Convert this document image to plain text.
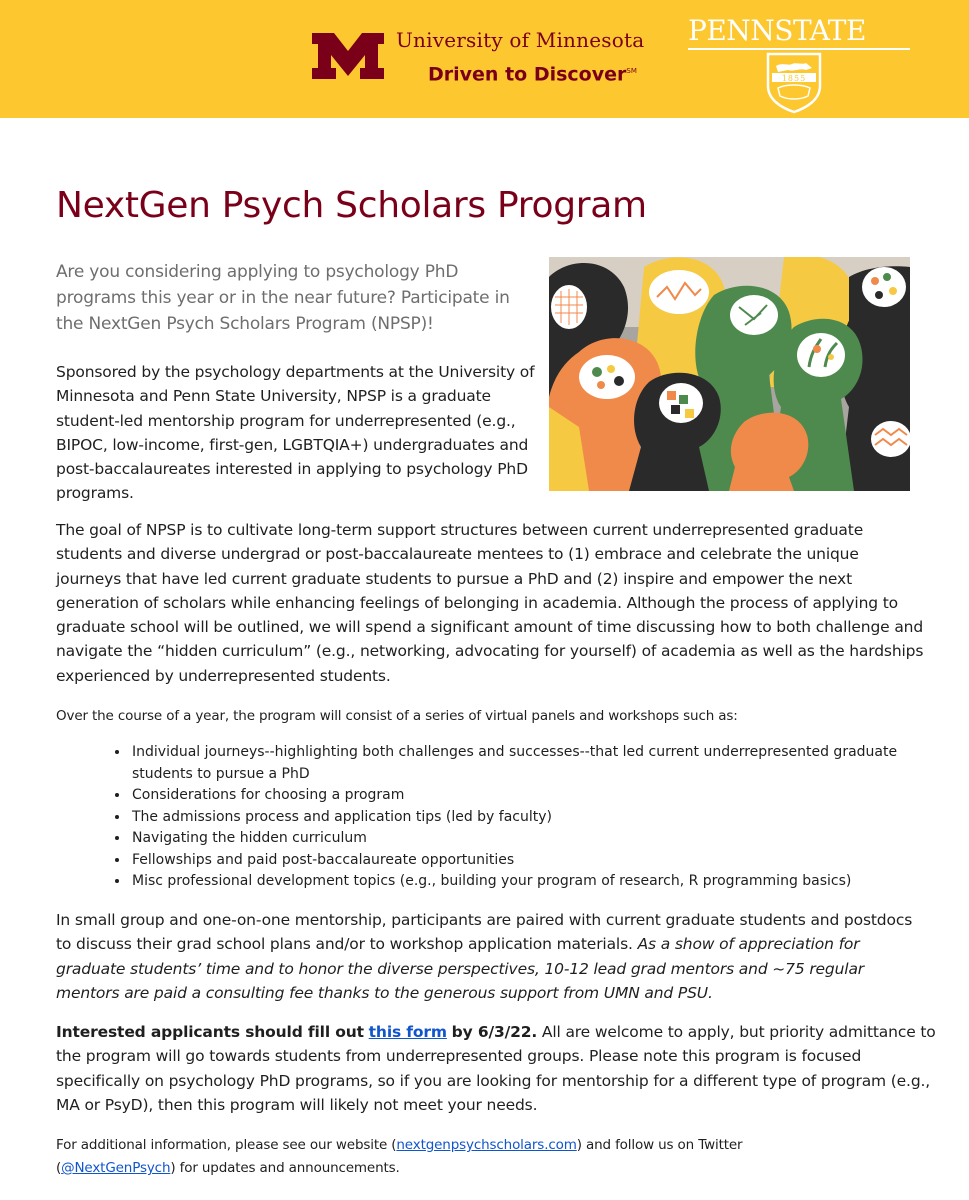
University of Minnesota
Driven to Discover℠
PENNSTATE
1855
NextGen Psych Scholars Program

Are you considering applying to psychology PhD programs this year or in the near future? Participate in the NextGen Psych Scholars Program (NPSP)!

Sponsored by the psychology departments at the University of Minnesota and Penn State University, NPSP is a graduate student-led mentorship program for underrepresented (e.g., BIPOC, low-income, first-gen, LGBTQIA+) undergraduates and post-baccalaureates interested in applying to psychology PhD programs.

The goal of NPSP is to cultivate long-term support structures between current underrepresented graduate students and diverse undergrad or post-baccalaureate mentees to (1) embrace and celebrate the unique journeys that have led current graduate students to pursue a PhD and (2) inspire and empower the next generation of scholars while enhancing feelings of belonging in academia. Although the process of applying to graduate school will be outlined, we will spend a significant amount of time discussing how to both challenge and navigate the “hidden curriculum” (e.g., networking, advocating for yourself) of academia as well as the hardships experienced by underrepresented students.

Over the course of a year, the program will consist of a series of virtual panels and workshops such as:

• Individual journeys--highlighting both challenges and successes--that led current underrepresented graduate students to pursue a PhD
• Considerations for choosing a program
• The admissions process and application tips (led by faculty)
• Navigating the hidden curriculum
• Fellowships and paid post-baccalaureate opportunities
• Misc professional development topics (e.g., building your program of research, R programming basics)

In small group and one-on-one mentorship, participants are paired with current graduate students and postdocs to discuss their grad school plans and/or to workshop application materials. As a show of appreciation for graduate students’ time and to honor the diverse perspectives, 10-12 lead grad mentors and ~75 regular mentors are paid a consulting fee thanks to the generous support from UMN and PSU.

Interested applicants should fill out this form by 6/3/22. All are welcome to apply, but priority admittance to the program will go towards students from underrepresented groups. Please note this program is focused specifically on psychology PhD programs, so if you are looking for mentorship for a different type of program (e.g., MA or PsyD), then this program will likely not meet your needs.

For additional information, please see our website (nextgenpsychscholars.com) and follow us on Twitter
(@NextGenPsych) for updates and announcements.
